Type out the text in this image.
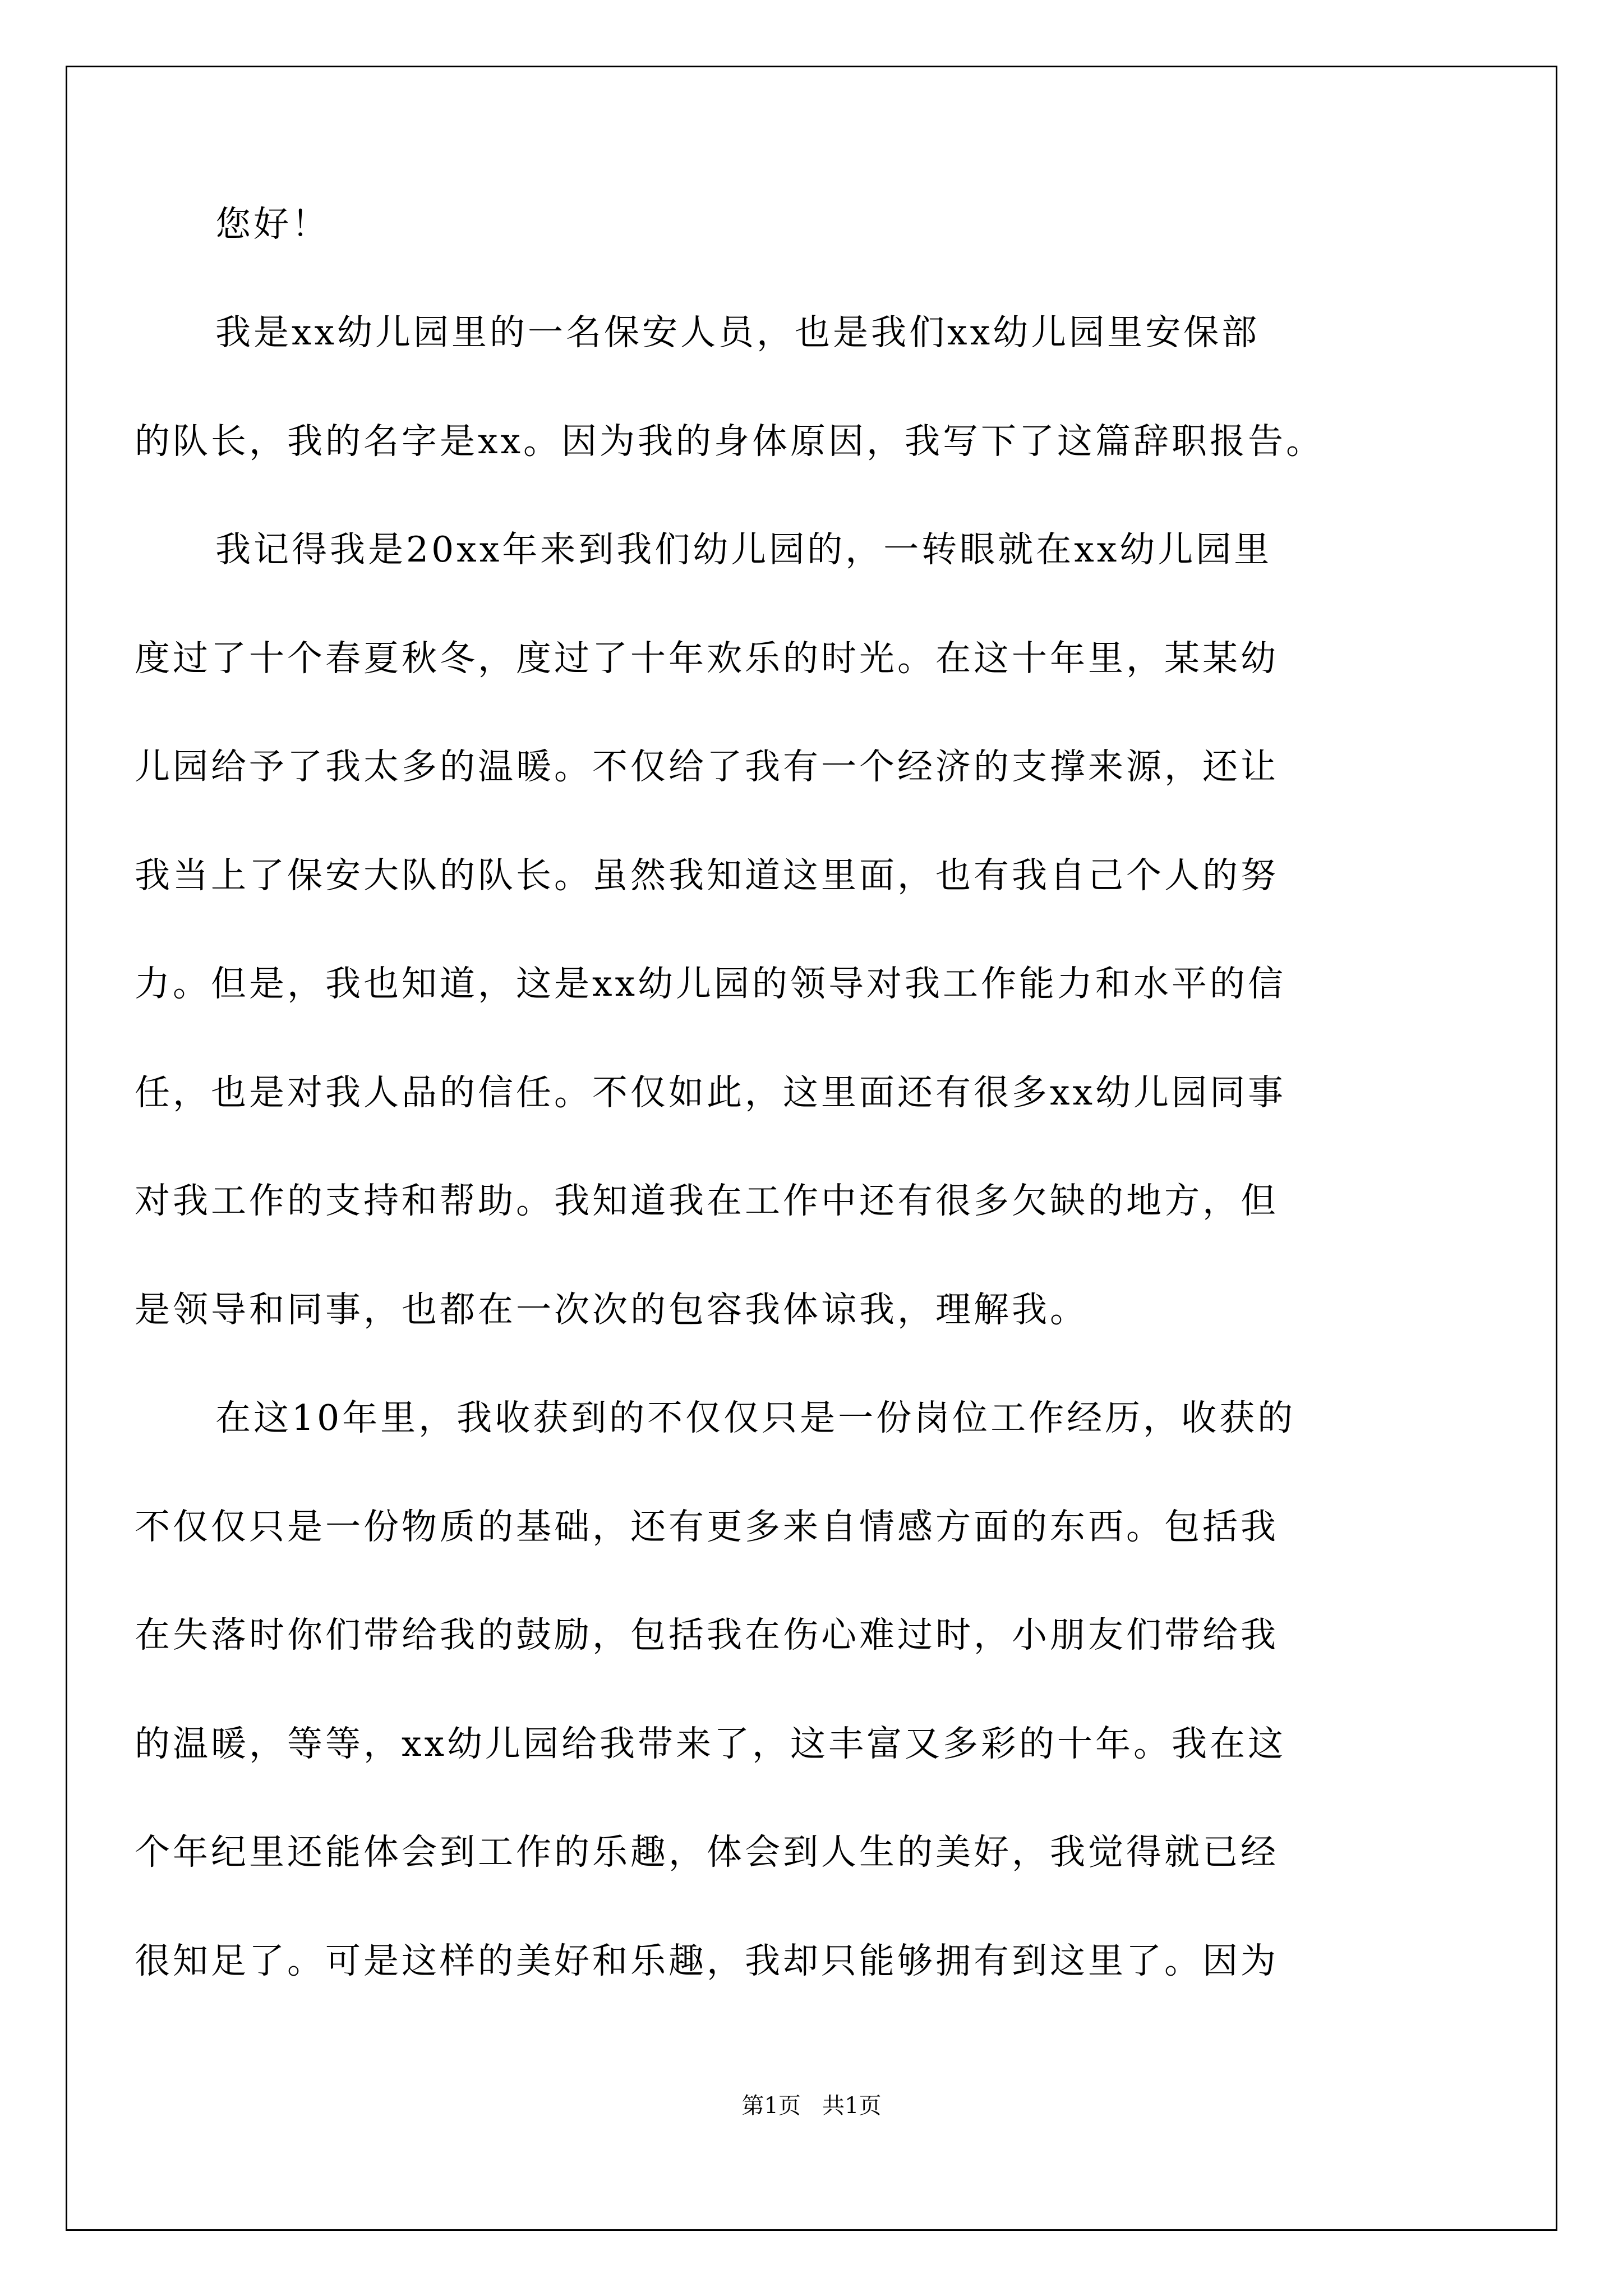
您好！
我是xx幼儿园里的一名保安人员，也是我们xx幼儿园里安保部
的队长，我的名字是xx。因为我的身体原因，我写下了这篇辞职报告。
我记得我是20xx年来到我们幼儿园的，一转眼就在xx幼儿园里
度过了十个春夏秋冬，度过了十年欢乐的时光。在这十年里，某某幼
儿园给予了我太多的温暖。不仅给了我有一个经济的支撑来源，还让
我当上了保安大队的队长。虽然我知道这里面，也有我自己个人的努
力。但是，我也知道，这是xx幼儿园的领导对我工作能力和水平的信
任，也是对我人品的信任。不仅如此，这里面还有很多xx幼儿园同事
对我工作的支持和帮助。我知道我在工作中还有很多欠缺的地方，但
是领导和同事，也都在一次次的包容我体谅我，理解我。
在这10年里，我收获到的不仅仅只是一份岗位工作经历，收获的
不仅仅只是一份物质的基础，还有更多来自情感方面的东西。包括我
在失落时你们带给我的鼓励，包括我在伤心难过时，小朋友们带给我
的温暖，等等，xx幼儿园给我带来了，这丰富又多彩的十年。我在这
个年纪里还能体会到工作的乐趣，体会到人生的美好，我觉得就已经
很知足了。可是这样的美好和乐趣，我却只能够拥有到这里了。因为
第1页   共1页
